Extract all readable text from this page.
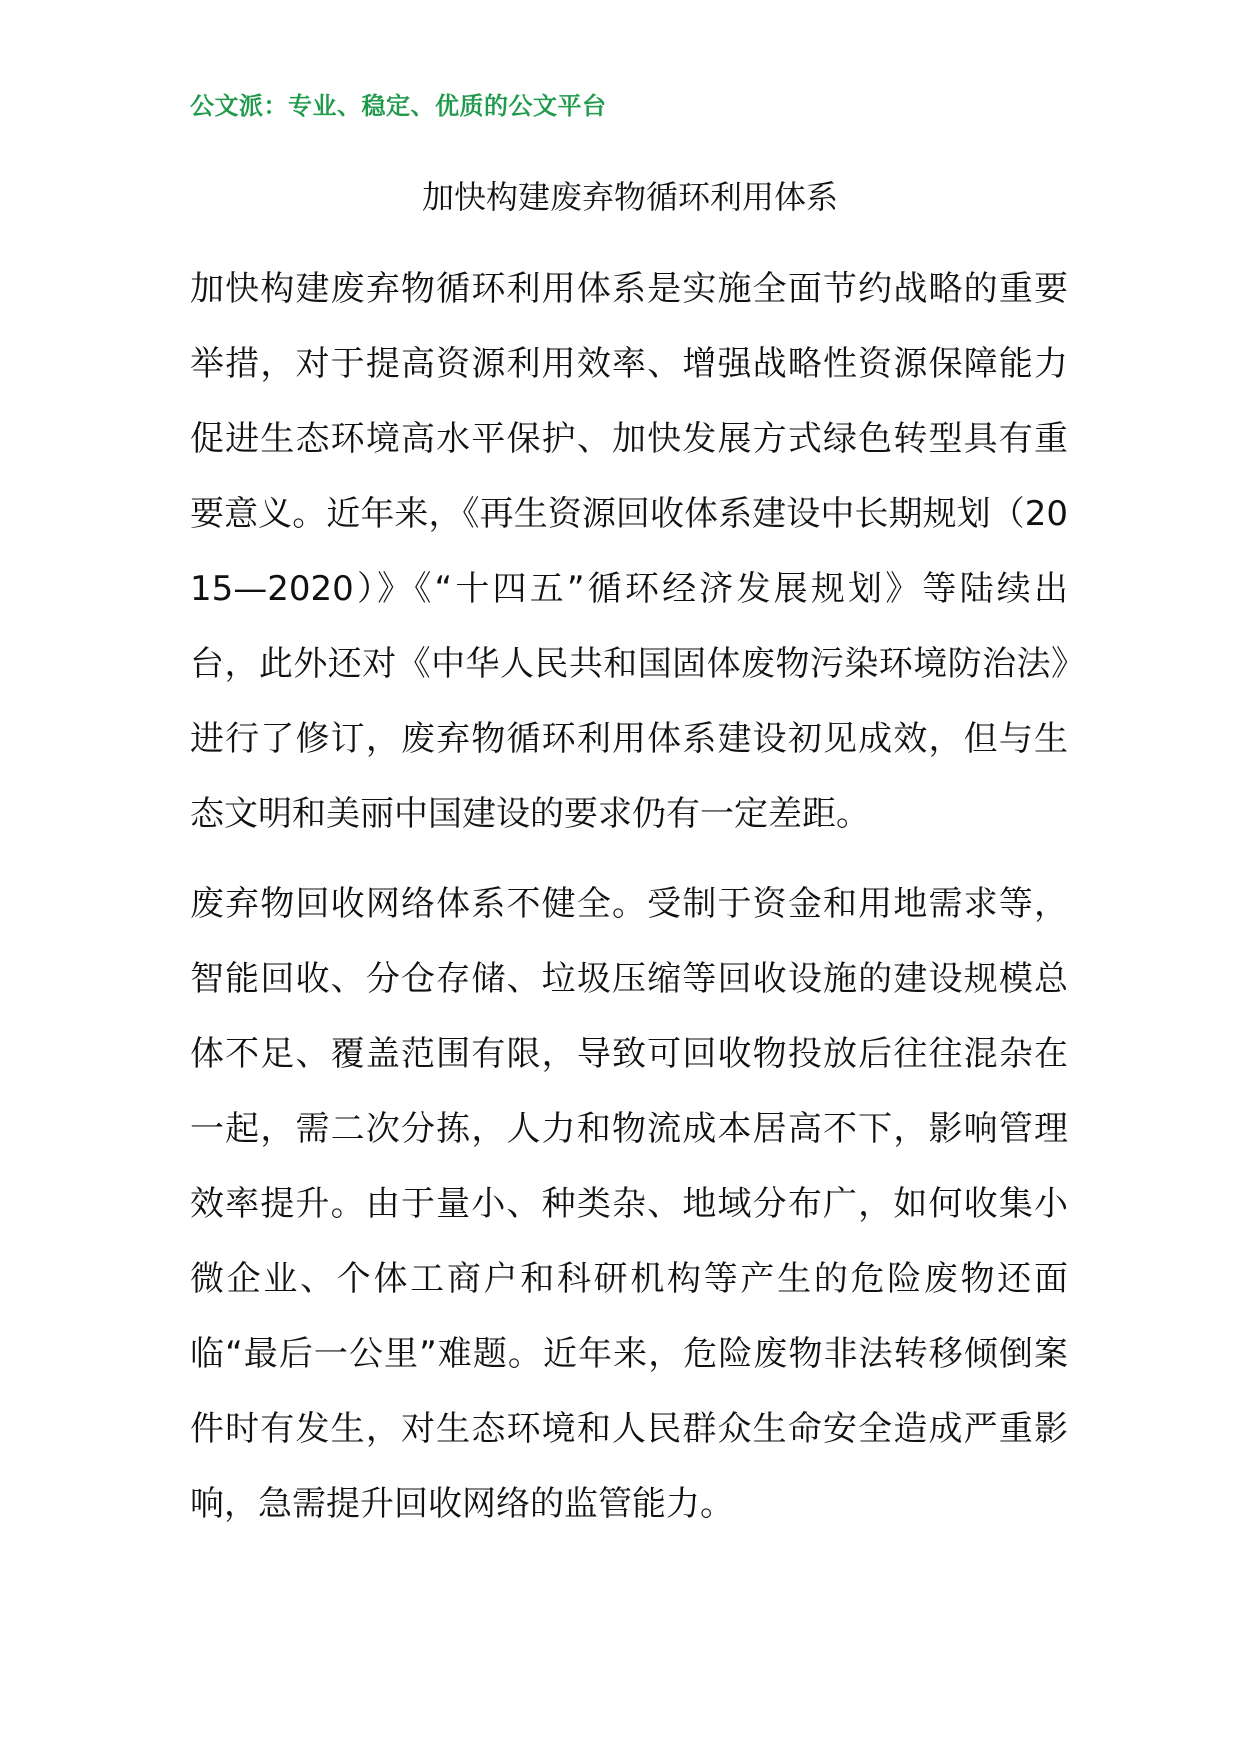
公文派：专业、稳定、优质的公文平台
加快构建废弃物循环利用体系

加快构建废弃物循环利用体系是实施全面节约战略的重要举措，对于提高资源利用效率、增强战略性资源保障能力促进生态环境高水平保护、加快发展方式绿色转型具有重要意义。近年来，《再生资源回收体系建设中长期规划（2015—2020）》《“十四五”循环经济发展规划》等陆续出台，此外还对《中华人民共和国固体废物污染环境防治法》进行了修订，废弃物循环利用体系建设初见成效，但与生态文明和美丽中国建设的要求仍有一定差距。

废弃物回收网络体系不健全。受制于资金和用地需求等，智能回收、分仓存储、垃圾压缩等回收设施的建设规模总体不足、覆盖范围有限，导致可回收物投放后往往混杂在一起，需二次分拣，人力和物流成本居高不下，影响管理效率提升。由于量小、种类杂、地域分布广，如何收集小微企业、个体工商户和科研机构等产生的危险废物还面临“最后一公里”难题。近年来，危险废物非法转移倾倒案件时有发生，对生态环境和人民群众生命安全造成严重影响，急需提升回收网络的监管能力。
